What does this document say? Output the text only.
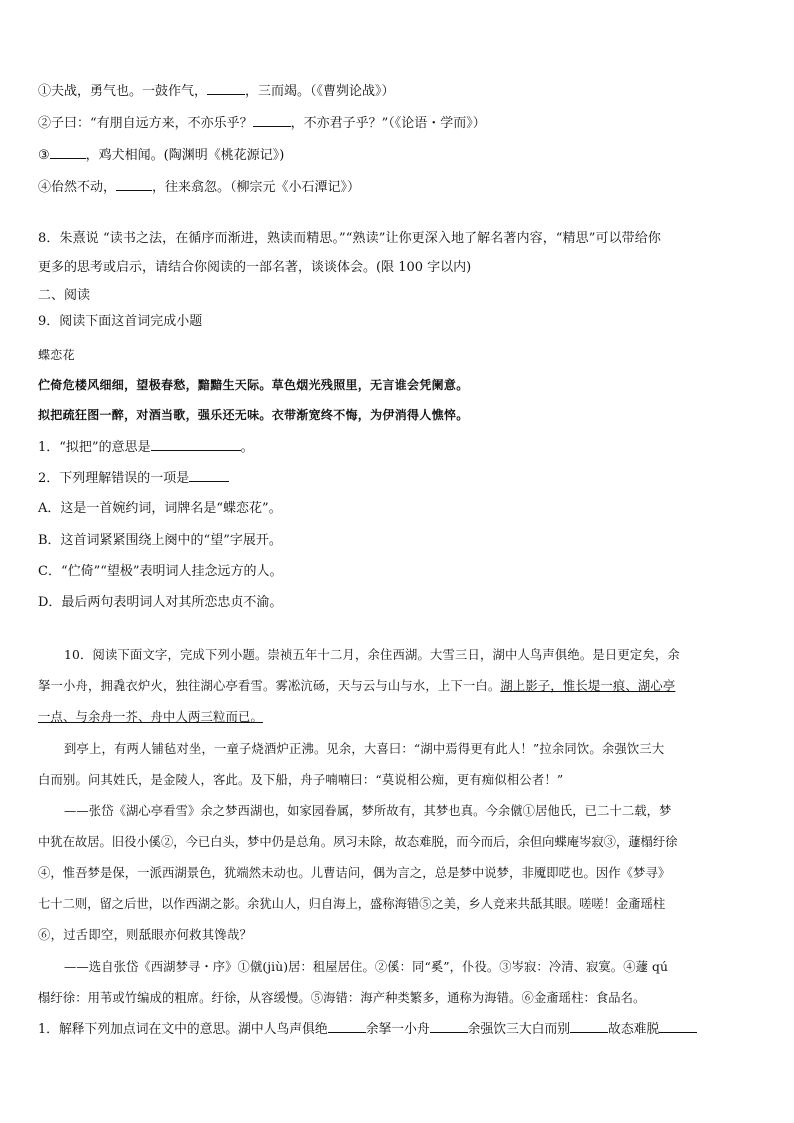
①夫战，勇气也。一鼓作气，	，三而竭。（《曹刿论战》）
②子曰：“有朋自远方来，不亦乐乎？	，不亦君子乎？”（《论语・学而》）
③	，鸡犬相闻。(陶渊明《桃花源记》)
④佁然不动，	，往来翕忽。（柳宗元《小石潭记》）
8．朱熹说 “读书之法，在循序而渐进，熟读而精思。”“熟读”让你更深入地了解名著内容，“精思”可以带给你
更多的思考或启示，请结合你阅读的一部名著，谈谈体会。(限 100 字以内)
二、阅读
9．阅读下面这首词完成小题
蝶恋花
伫倚危楼风细细，望极春愁，黯黯生天际。草色烟光残照里，无言谁会凭阑意。
拟把疏狂图一醉，对酒当歌，强乐还无味。衣带渐宽终不悔，为伊消得人憔悴。
1．“拟把”的意思是	。
2．下列理解错误的一项是
A．这是一首婉约词，词牌名是“蝶恋花”。
B．这首词紧紧围绕上阕中的“望”字展开。
C．“伫倚”“望极”表明词人挂念远方的人。
D．最后两句表明词人对其所恋忠贞不渝。
10．阅读下面文字，完成下列小题。崇祯五年十二月，余住西湖。大雪三日，湖中人鸟声俱绝。是日更定矣，余
拏一小舟，拥毳衣炉火，独往湖心亭看雪。雾凇沆砀，天与云与山与水，上下一白。湖上影子，惟长堤一痕、湖心亭
一点、与余舟一芥、舟中人两三粒而已。
到亭上，有两人铺毡对坐，一童子烧酒炉正沸。见余，大喜曰：“湖中焉得更有此人！”拉余同饮。余强饮三大
白而别。问其姓氏，是金陵人，客此。及下船，舟子喃喃曰：“莫说相公痴，更有痴似相公者！”
——张岱《湖心亭看雪》余之梦西湖也，如家园眷属，梦所故有，其梦也真。今余僦①居他氏，已二十二载，梦
中犹在故居。旧役小傒②，今已白头，梦中仍是总角。夙习未除，故态难脱，而今而后，余但向蝶庵岑寂③，蘧榻纡徐
④，惟吾梦是保，一派西湖景色，犹端然未动也。儿曹诘问，偶为言之，总是梦中说梦，非魇即呓也。因作《梦寻》
七十二则，留之后世，以作西湖之影。余犹山人，归自海上，盛称海错⑤之美，乡人竞来共舐其眼。嗟嗟！金齑瑶柱
⑥，过舌即空，则舐眼亦何救其馋哉？
——选自张岱《西湖梦寻・序》①僦(jiù)居：租屋居住。②傒：同“奚”，仆役。③岑寂：冷清、寂寞。④蘧 qú
榻纡徐：用苇或竹编成的粗席。纡徐，从容缓慢。⑤海错：海产种类繁多，通称为海错。⑥金齑瑶柱：食品名。
1．解释下列加点词在文中的意思。湖中人鸟声俱绝	余拏一小舟	余强饮三大白而别	故态难脱
